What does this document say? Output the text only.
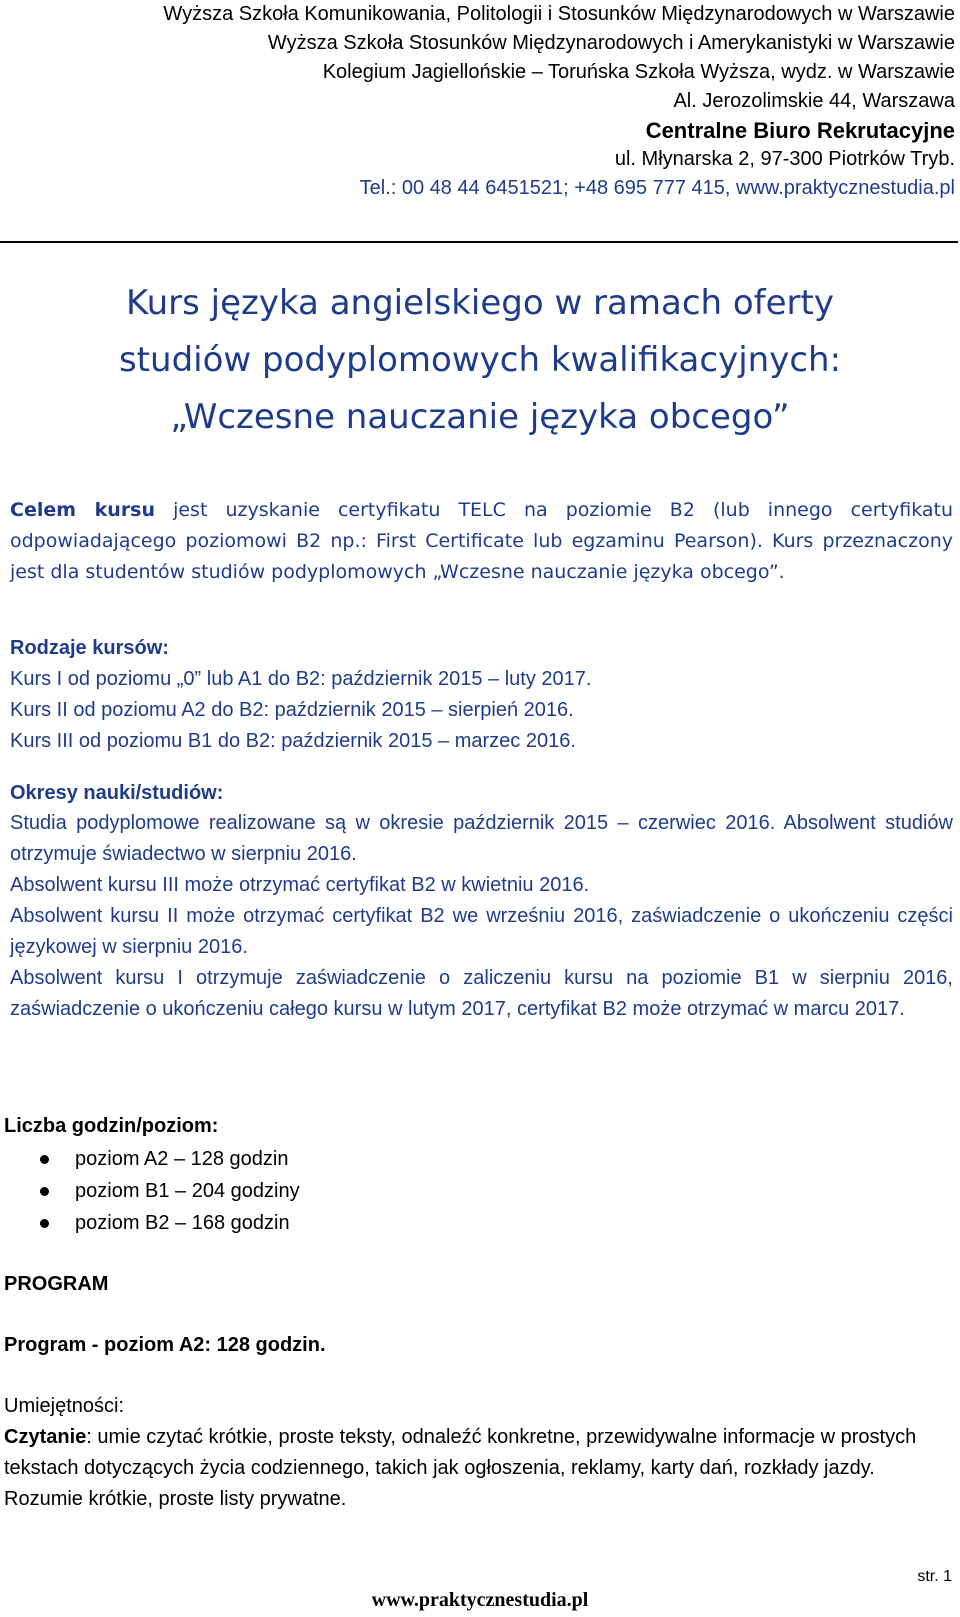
Wyższa Szkoła Komunikowania, Politologii i Stosunków Międzynarodowych w Warszawie
Wyższa Szkoła Stosunków Międzynarodowych i Amerykanistyki w Warszawie
Kolegium Jagiellońskie – Toruńska Szkoła Wyższa, wydz. w Warszawie
Al. Jerozolimskie 44, Warszawa
Centralne Biuro Rekrutacyjne
ul. Młynarska 2, 97-300 Piotrków Tryb.
Tel.: 00 48 44 6451521; +48 695 777 415, www.praktycznestudia.pl
Kurs języka angielskiego w ramach oferty
studiów podyplomowych kwalifikacyjnych:
„Wczesne nauczanie języka obcego”
Celem kursu jest uzyskanie certyfikatu TELC na poziomie B2 (lub innego certyfikatu odpowiadającego poziomowi B2 np.: First Certificate lub egzaminu Pearson). Kurs przeznaczony jest dla studentów studiów podyplomowych „Wczesne nauczanie języka obcego”.
Rodzaje kursów:

Kurs I od poziomu „0” lub A1 do B2: październik 2015 – luty 2017.

Kurs II od poziomu A2 do B2: październik 2015 – sierpień 2016.

Kurs III od poziomu B1 do B2: październik 2015 – marzec 2016.

Okresy nauki/studiów:

Studia podyplomowe realizowane są w okresie październik 2015 – czerwiec 2016. Absolwent studiów otrzymuje świadectwo w sierpniu 2016.

Absolwent kursu III może otrzymać certyfikat B2 w kwietniu 2016.

Absolwent kursu II może otrzymać certyfikat B2 we wrześniu 2016, zaświadczenie o ukończeniu części językowej w sierpniu 2016.

Absolwent kursu I otrzymuje zaświadczenie o zaliczeniu kursu na poziomie B1 w sierpniu 2016, zaświadczenie o ukończeniu całego kursu w lutym 2017, certyfikat B2 może otrzymać w marcu 2017.

Liczba godzin/poziom:
poziom A2 – 128 godzin
poziom B1 – 204 godziny
poziom B2 – 168 godzin
PROGRAM
Program - poziom A2: 128 godzin.
Umiejętności:
Czytanie: umie czytać krótkie, proste teksty, odnaleźć konkretne, przewidywalne informacje w prostych tekstach dotyczących życia codziennego, takich jak ogłoszenia, reklamy, karty dań, rozkłady jazdy. Rozumie krótkie, proste listy prywatne.
str. 1
www.praktycznestudia.pl
